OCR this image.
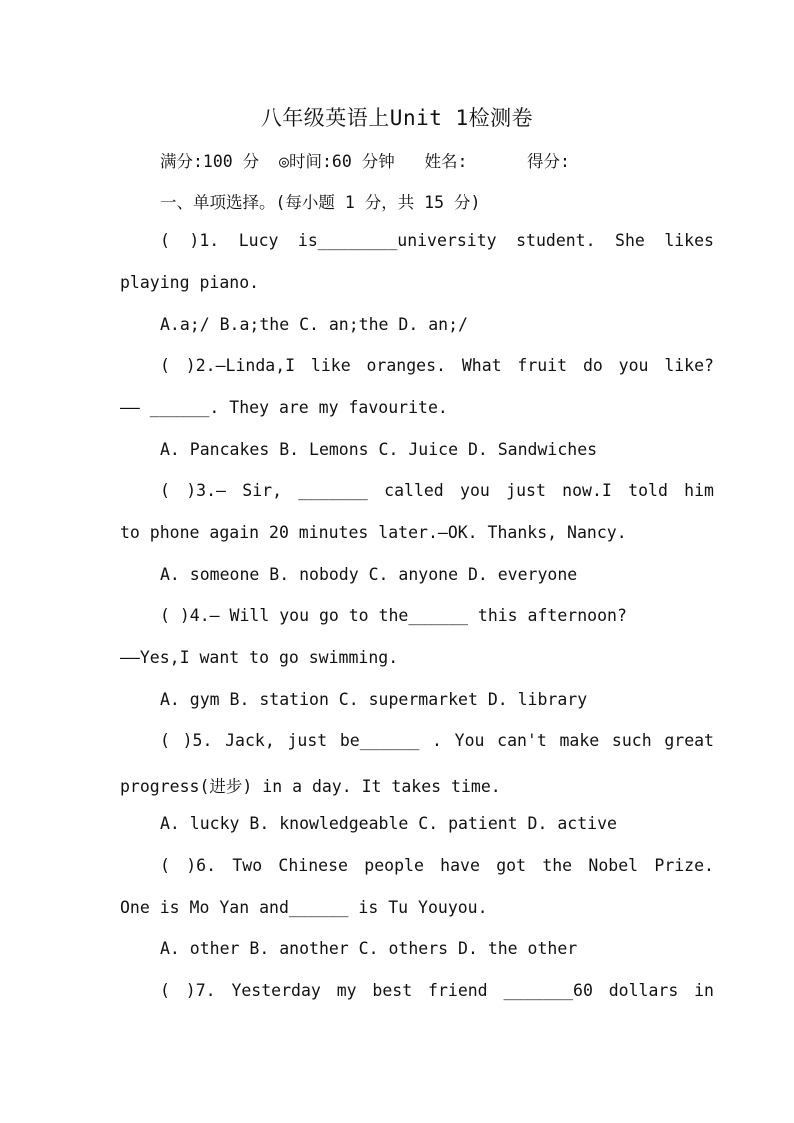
八年级英语上Unit 1检测卷
满分:100 分  ◎时间:60 分钟   姓名:      得分:
一、单项选择。(每小题 1 分，共 15 分)
( )1. Lucy is________university student. She likes
playing piano.
A.a;/ B.a;the C. an;the D. an;/
( )2.—Linda,I like oranges. What fruit do you like?
—— ______. They are my favourite.
A. Pancakes B. Lemons C. Juice D. Sandwiches
( )3.— Sir, _______ called you just now.I told him
to phone again 20 minutes later.—OK. Thanks, Nancy.
A. someone B. nobody C. anyone D. everyone
( )4.— Will you go to the______ this afternoon?
——Yes,I want to go swimming.
A. gym B. station C. supermarket D. library
( )5. Jack, just be______ . You can't make such great
progress(进步) in a day. It takes time.
A. lucky B. knowledgeable C. patient D. active
( )6. Two Chinese people have got the Nobel Prize.
One is Mo Yan and______ is Tu Youyou.
A. other B. another C. others D. the other
( )7. Yesterday my best friend _______60 dollars in
